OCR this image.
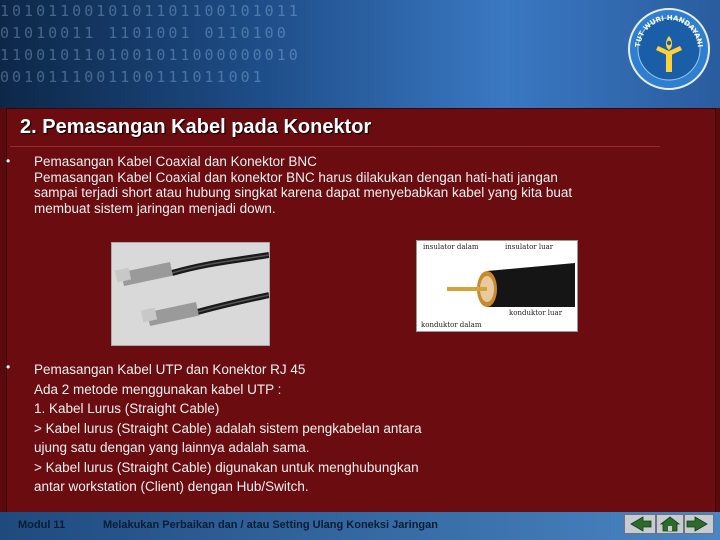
1010110010101101100101011
01010011 1101001 0110100
1100101101001011000000010
0010111001100111011001
TUT WURI HANDAYANI
2. Pemasangan Kabel pada Konektor
• Pemasangan Kabel Coaxial dan Konektor BNC
Pemasangan Kabel Coaxial dan konektor BNC harus dilakukan dengan hati-hati jangan
sampai terjadi short atau hubung singkat karena dapat menyebabkan kabel yang kita buat
membuat sistem jaringan menjadi down.
insulator dalam	insulator luar
konduktor luar
konduktor dalam
• Pemasangan Kabel UTP dan Konektor RJ 45
Ada 2 metode menggunakan kabel UTP :
1. Kabel Lurus (Straight Cable)
> Kabel lurus (Straight Cable) adalah sistem pengkabelan antara
ujung satu dengan yang lainnya adalah sama.
> Kabel lurus (Straight Cable) digunakan untuk menghubungkan
antar workstation (Client) dengan Hub/Switch.
Modul 11	Melakukan Perbaikan dan / atau Setting Ulang Koneksi Jaringan
